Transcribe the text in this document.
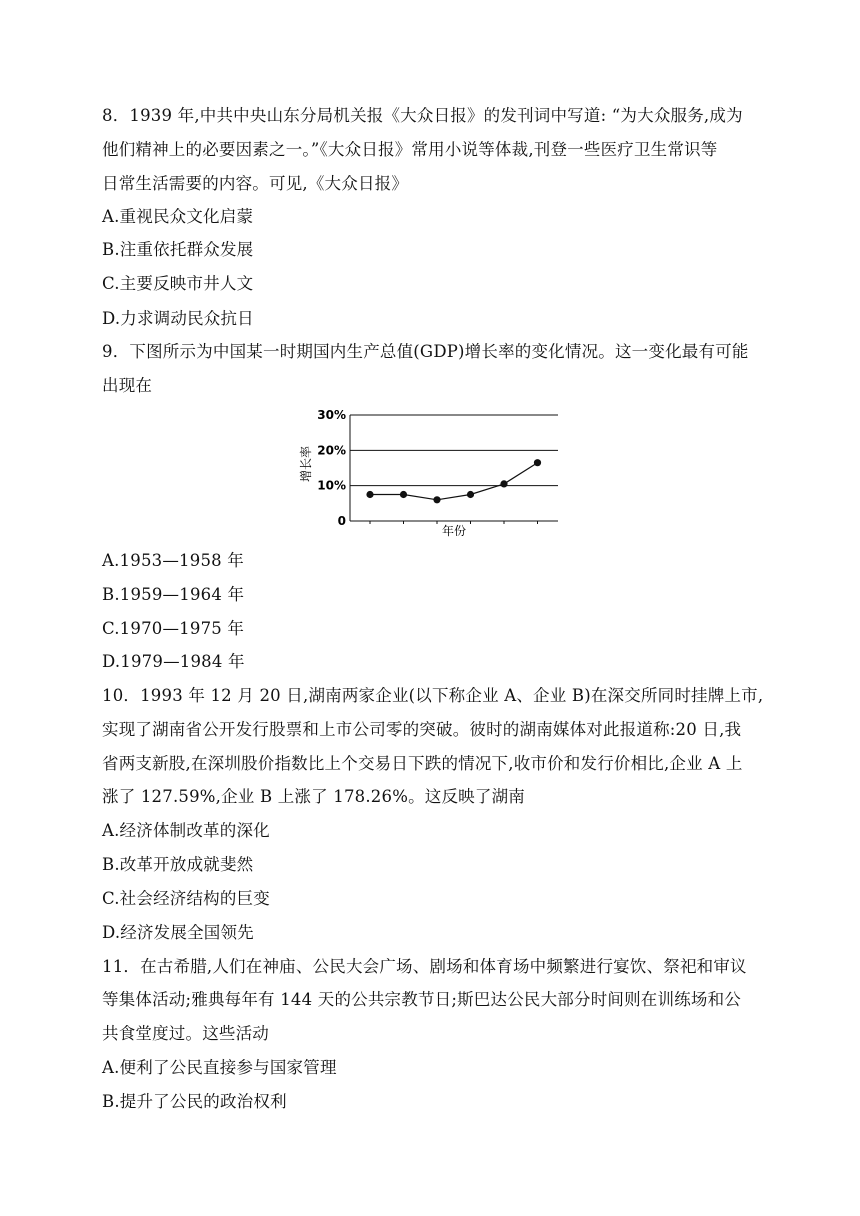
8．1939 年,中共中央山东分局机关报《大众日报》的发刊词中写道: “为大众服务,成为
他们精神上的必要因素之一。”《大众日报》常用小说等体裁,刊登一些医疗卫生常识等
日常生活需要的内容。可见,《大众日报》
A.重视民众文化启蒙
B.注重依托群众发展
C.主要反映市井人文
D.力求调动民众抗日
9．下图所示为中国某一时期国内生产总值(GDP)增长率的变化情况。这一变化最有可能
出现在
30%
20%
10%
0
增长率
年份
A.1953—1958 年
B.1959—1964 年
C.1970—1975 年
D.1979—1984 年
10．1993 年 12 月 20 日,湖南两家企业(以下称企业 A、企业 B)在深交所同时挂牌上市,
实现了湖南省公开发行股票和上市公司零的突破。彼时的湖南媒体对此报道称:20 日,我
省两支新股,在深圳股价指数比上个交易日下跌的情况下,收市价和发行价相比,企业 A 上
涨了 127.59%,企业 B 上涨了 178.26%。这反映了湖南
A.经济体制改革的深化
B.改革开放成就斐然
C.社会经济结构的巨变
D.经济发展全国领先
11．在古希腊,人们在神庙、公民大会广场、剧场和体育场中频繁进行宴饮、祭祀和审议
等集体活动;雅典每年有 144 天的公共宗教节日;斯巴达公民大部分时间则在训练场和公
共食堂度过。这些活动
A.便利了公民直接参与国家管理
B.提升了公民的政治权利
